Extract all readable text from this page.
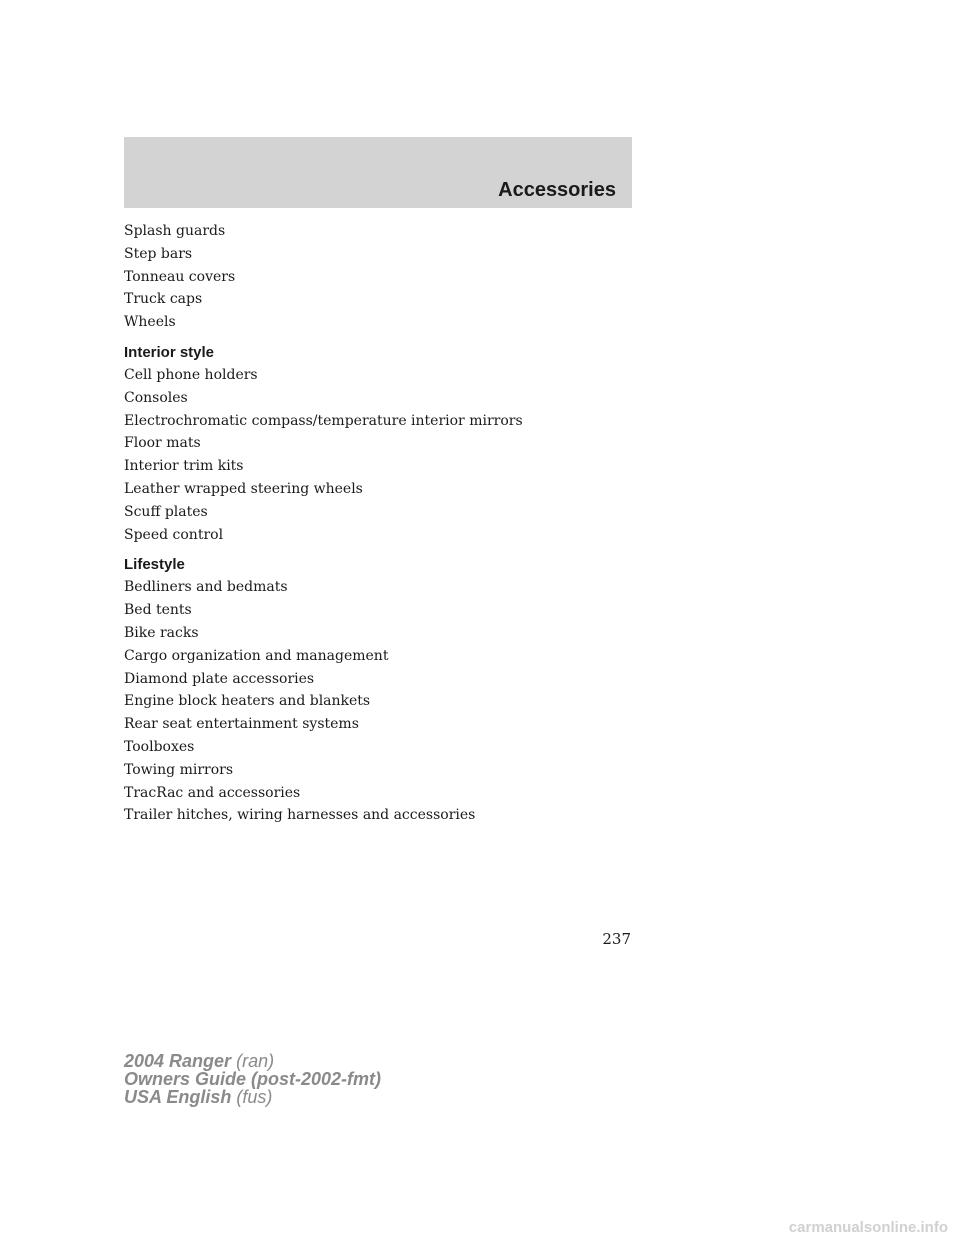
Accessories
Splash guards
Step bars
Tonneau covers
Truck caps
Wheels
Interior style
Cell phone holders
Consoles
Electrochromatic compass/temperature interior mirrors
Floor mats
Interior trim kits
Leather wrapped steering wheels
Scuff plates
Speed control
Lifestyle
Bedliners and bedmats
Bed tents
Bike racks
Cargo organization and management
Diamond plate accessories
Engine block heaters and blankets
Rear seat entertainment systems
Toolboxes
Towing mirrors
TracRac and accessories
Trailer hitches, wiring harnesses and accessories
237
2004 Ranger (ran)
Owners Guide (post-2002-fmt)
USA English (fus)
carmanualsonline.info
